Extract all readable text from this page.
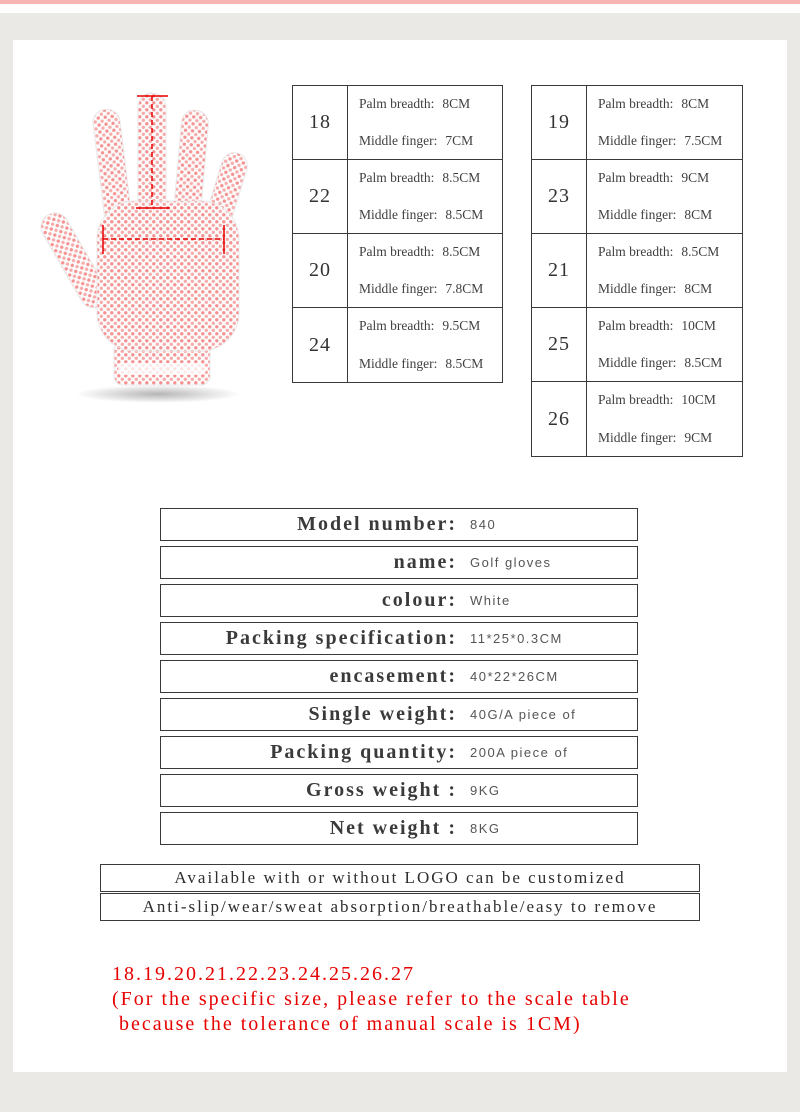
18
Palm breadth: 8CM
Middle finger: 7CM
22
Palm breadth: 8.5CM
Middle finger: 8.5CM
20
Palm breadth: 8.5CM
Middle finger: 7.8CM
24
Palm breadth: 9.5CM
Middle finger: 8.5CM
19
Palm breadth: 8CM
Middle finger: 7.5CM
23
Palm breadth: 9CM
Middle finger: 8CM
21
Palm breadth: 8.5CM
Middle finger: 8CM
25
Palm breadth: 10CM
Middle finger: 8.5CM
26
Palm breadth: 10CM
Middle finger: 9CM
Model number: 840
name: Golf gloves
colour: White
Packing specification: 11*25*0.3CM
encasement: 40*22*26CM
Single weight: 40G/A piece of
Packing quantity: 200A piece of
Gross weight : 9KG
Net weight : 8KG
Available with or without LOGO can be customized
Anti-slip/wear/sweat absorption/breathable/easy to remove
18.19.20.21.22.23.24.25.26.27
(For the specific size, please refer to the scale table
because the tolerance of manual scale is 1CM)
